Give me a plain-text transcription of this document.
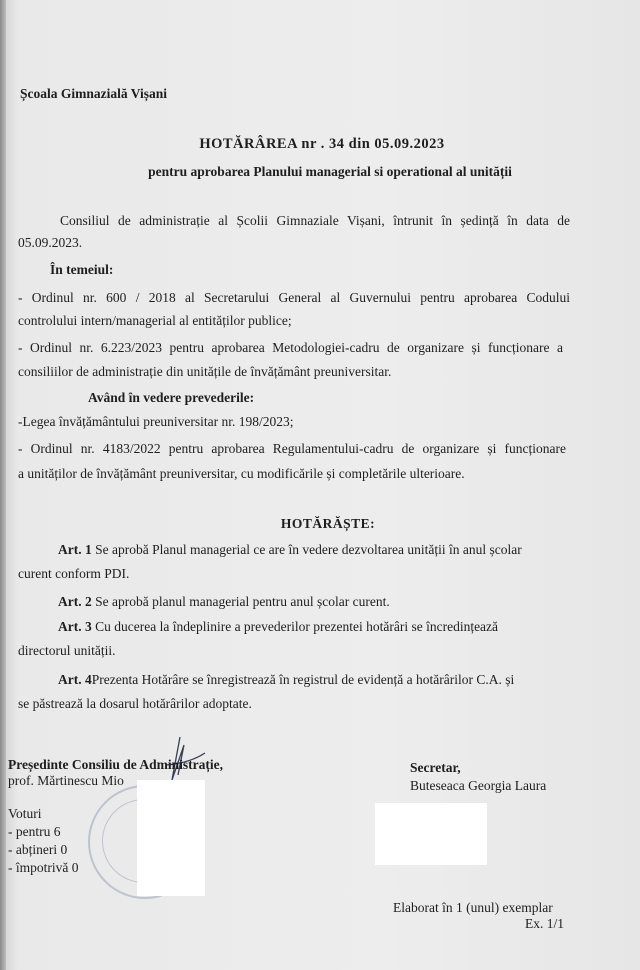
Școala Gimnazială Vișani
HOTĂRÂREA nr . 34 din 05.09.2023
pentru aprobarea Planului managerial si operational al unității
Consiliul de administrație al Școlii Gimnaziale Vișani, întrunit în ședință în data de
05.09.2023.
În temeiul:
- Ordinul nr. 600 / 2018 al Secretarului General al Guvernului pentru aprobarea Codului
controlului intern/managerial al entităților publice;
- Ordinul nr. 6.223/2023 pentru aprobarea Metodologiei-cadru de organizare și funcționare a
consiliilor de administrație din unitățile de învățământ preuniversitar.
Având în vedere prevederile:
-Legea învățământului preuniversitar nr. 198/2023;
- Ordinul nr. 4183/2022 pentru aprobarea Regulamentului-cadru de organizare și funcționare
a unităților de învățământ preuniversitar, cu modificările și completările ulterioare.
HOTĂRĂȘTE:
Art. 1 Se aprobă Planul managerial ce are în vedere dezvoltarea unității în anul școlar
curent conform PDI.
Art. 2 Se aprobă planul managerial pentru anul școlar curent.
Art. 3 Cu ducerea la îndeplinire a prevederilor prezentei hotărâri se încredințează
directorul unității.
Art. 4Prezenta Hotărâre se înregistrează în registrul de evidență a hotărârilor C.A. și
se păstrează la dosarul hotărârilor adoptate.
Președinte Consiliu de Administrație,
prof. Mărtinescu Mio
Secretar,
Buteseaca Georgia Laura
Voturi
- pentru 6
- abțineri 0
- împotrivă 0
Elaborat în 1 (unul) exemplar
Ex. 1/1
